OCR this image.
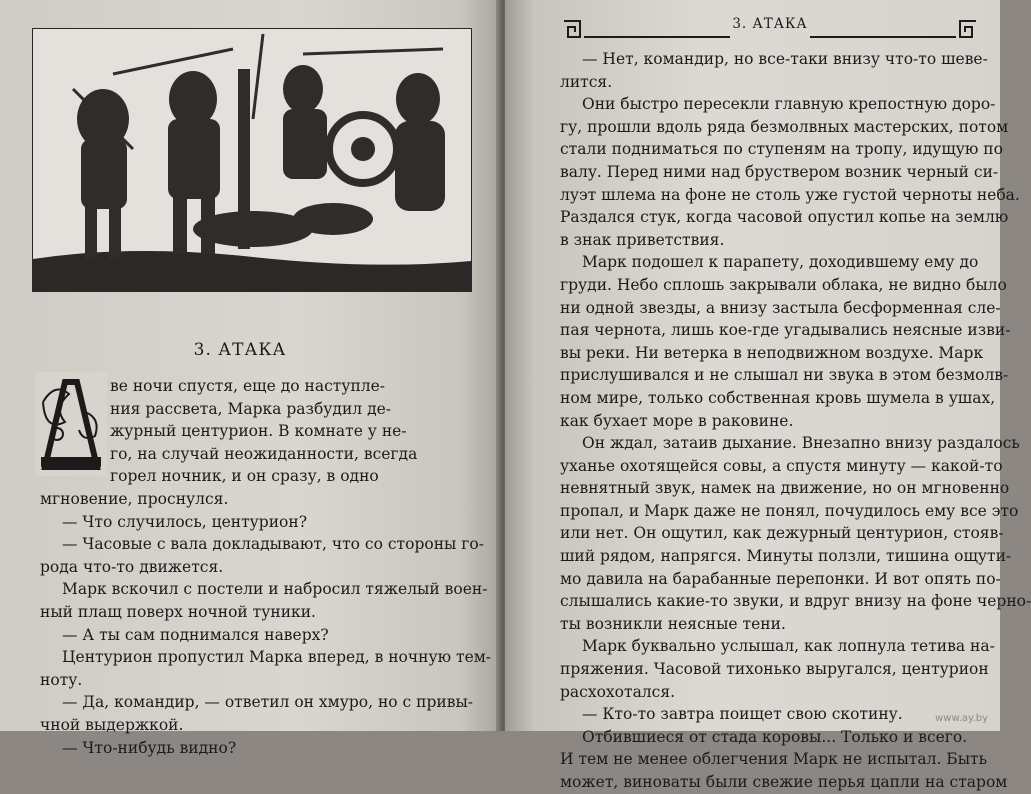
3. АТАКА
ве ночи спустя, еще до наступле-
ния рассвета, Марка разбудил де-
журный центурион. В комнате у не-
го, на случай неожиданности, всегда
горел ночник, и он сразу, в одно
мгновение, проснулся.
— Что случилось, центурион?
— Часовые с вала докладывают, что со стороны го-
рода что-то движется.
Марк вскочил с постели и набросил тяжелый воен-
ный плащ поверх ночной туники.
— А ты сам поднимался наверх?
Центурион пропустил Марка вперед, в ночную тем-
ноту.
— Да, командир, — ответил он хмуро, но с привы-
чной выдержкой.
— Что-нибудь видно?
3. АТАКА
— Нет, командир, но все-таки внизу что-то шеве-
лится.
Они быстро пересекли главную крепостную доро-
гу, прошли вдоль ряда безмолвных мастерских, потом
стали подниматься по ступеням на тропу, идущую по
валу. Перед ними над брустверoм возник черный си-
луэт шлема на фоне не столь уже густой черноты неба.
Раздался стук, когда часовой опустил копье на землю
в знак приветствия.
Марк подошел к парапету, доходившему ему до
груди. Небо сплошь закрывали облака, не видно было
ни одной звезды, а внизу застыла бесформенная сле-
пая чернота, лишь кое-где угадывались неясные изви-
вы реки. Ни ветерка в неподвижном воздухе. Марк
прислушивался и не слышал ни звука в этом безмолв-
ном мире, только собственная кровь шумела в ушах,
как бухает море в раковине.
Он ждал, затаив дыхание. Внезапно внизу раздалось
уханье охотящейся совы, а спустя минуту — какой-то
невнятный звук, намек на движение, но он мгновенно
пропал, и Марк даже не понял, почудилось ему все это
или нет. Он ощутил, как дежурный центурион, стояв-
ший рядом, напрягся. Минуты ползли, тишина ощути-
мо давила на барабанные перепонки. И вот опять по-
слышались какие-то звуки, и вдруг внизу на фоне черно-
ты возникли неясные тени.
Марк буквально услышал, как лопнула тетива на-
пряжения. Часовой тихонько выругался, центурион
расхохотался.
— Кто-то завтра поищет свою скотину.
Отбившиеся от стада коровы... Только и всего.
И тем не менее облегчения Марк не испытал. Быть
может, виноваты были свежие перья цапли на старом
www.ay.by
